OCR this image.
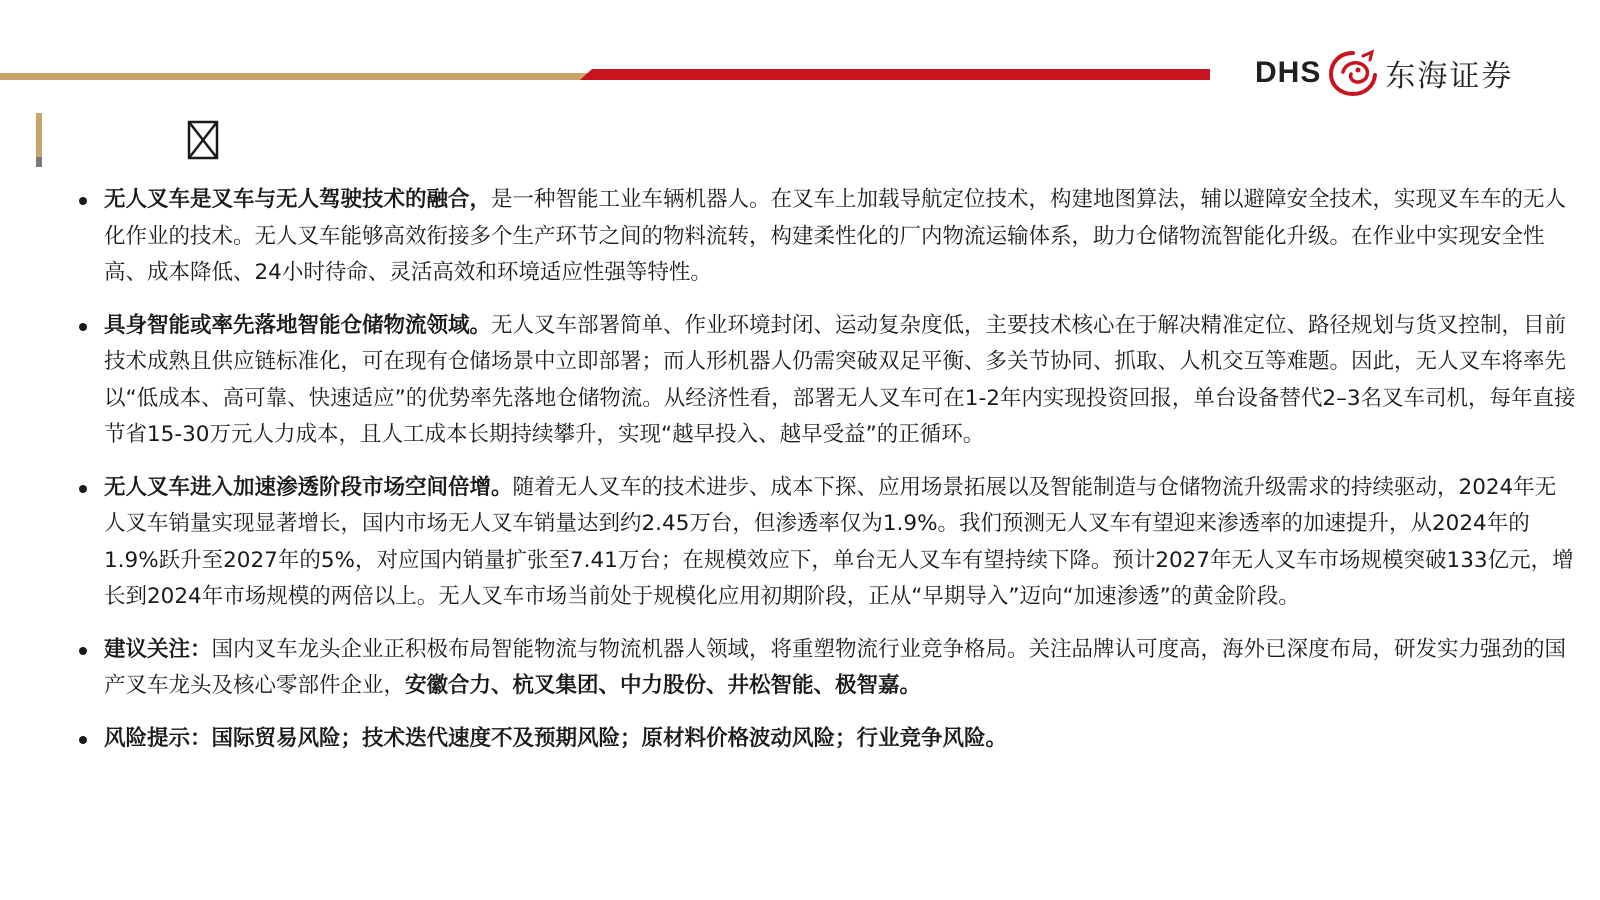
DHS 东海证券

无人叉车是叉车与无人驾驶技术的融合，是一种智能工业车辆机器人。在叉车上加载导航定位技术，构建地图算法，辅以避障安全技术，实现叉车车的无人化作业的技术。无人叉车能够高效衔接多个生产环节之间的物料流转，构建柔性化的厂内物流运输体系，助力仓储物流智能化升级。在作业中实现安全性高、成本降低、24小时待命、灵活高效和环境适应性强等特性。

具身智能或率先落地智能仓储物流领域。无人叉车部署简单、作业环境封闭、运动复杂度低，主要技术核心在于解决精准定位、路径规划与货叉控制，目前技术成熟且供应链标准化，可在现有仓储场景中立即部署；而人形机器人仍需突破双足平衡、多关节协同、抓取、人机交互等难题。因此，无人叉车将率先以“低成本、高可靠、快速适应”的优势率先落地仓储物流。从经济性看，部署无人叉车可在1-2年内实现投资回报，单台设备替代2–3名叉车司机，每年直接节省15-30万元人力成本，且人工成本长期持续攀升，实现“越早投入、越早受益”的正循环。

无人叉车进入加速渗透阶段市场空间倍增。随着无人叉车的技术进步、成本下探、应用场景拓展以及智能制造与仓储物流升级需求的持续驱动，2024年无人叉车销量实现显著增长，国内市场无人叉车销量达到约2.45万台，但渗透率仅为1.9%。我们预测无人叉车有望迎来渗透率的加速提升，从2024年的1.9%跃升至2027年的5%，对应国内销量扩张至7.41万台；在规模效应下，单台无人叉车有望持续下降。预计2027年无人叉车市场规模突破133亿元，增长到2024年市场规模的两倍以上。无人叉车市场当前处于规模化应用初期阶段，正从“早期导入”迈向“加速渗透”的黄金阶段。

建议关注：国内叉车龙头企业正积极布局智能物流与物流机器人领域，将重塑物流行业竞争格局。关注品牌认可度高，海外已深度布局，研发实力强劲的国产叉车龙头及核心零部件企业，安徽合力、杭叉集团、中力股份、井松智能、极智嘉。

风险提示：国际贸易风险；技术迭代速度不及预期风险；原材料价格波动风险；行业竞争风险。
